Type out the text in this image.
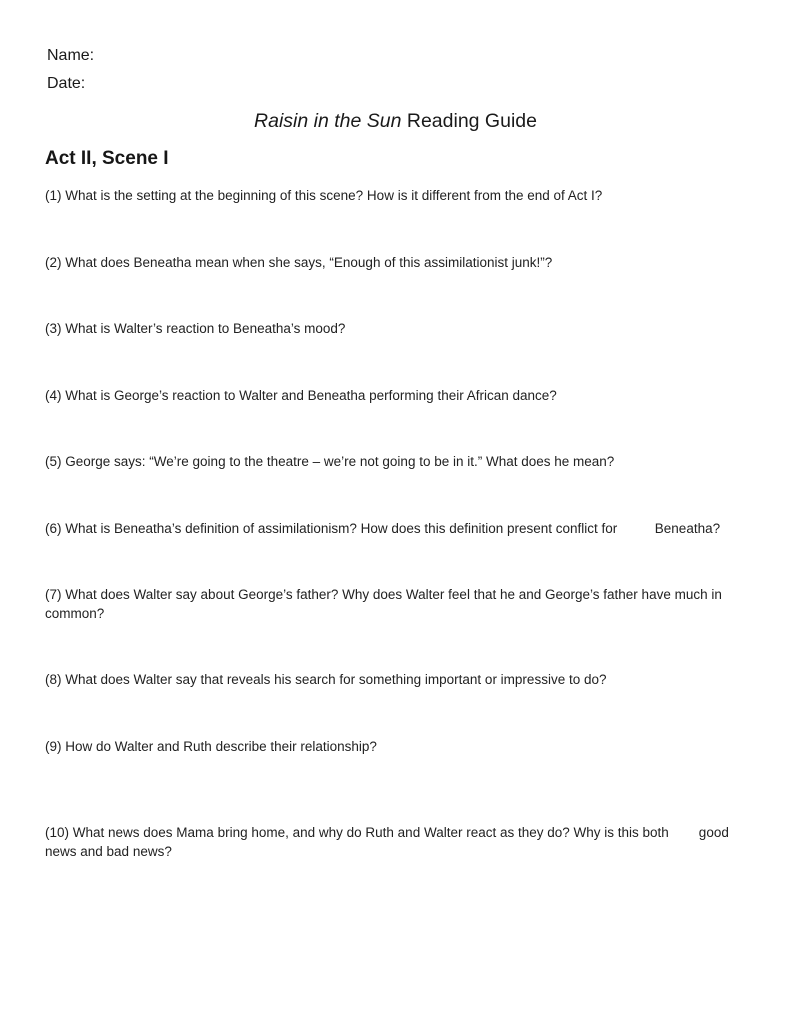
Name:
Date:
Raisin in the Sun Reading Guide
Act II, Scene I

(1) What is the setting at the beginning of this scene? How is it different from the end of Act I?

(2) What does Beneatha mean when she says, “Enough of this assimilationist junk!”?

(3) What is Walter’s reaction to Beneatha’s mood?

(4) What is George’s reaction to Walter and Beneatha performing their African dance?

(5) George says: “We’re going to the theatre – we’re not going to be in it.” What does he mean?

(6) What is Beneatha’s definition of assimilationism? How does this definition present conflict for          Beneatha?

(7) What does Walter say about George’s father? Why does Walter feel that he and George’s father have much in common?

(8) What does Walter say that reveals his search for something important or impressive to do?

(9) How do Walter and Ruth describe their relationship?

(10) What news does Mama bring home, and why do Ruth and Walter react as they do? Why is this both        good news and bad news?
